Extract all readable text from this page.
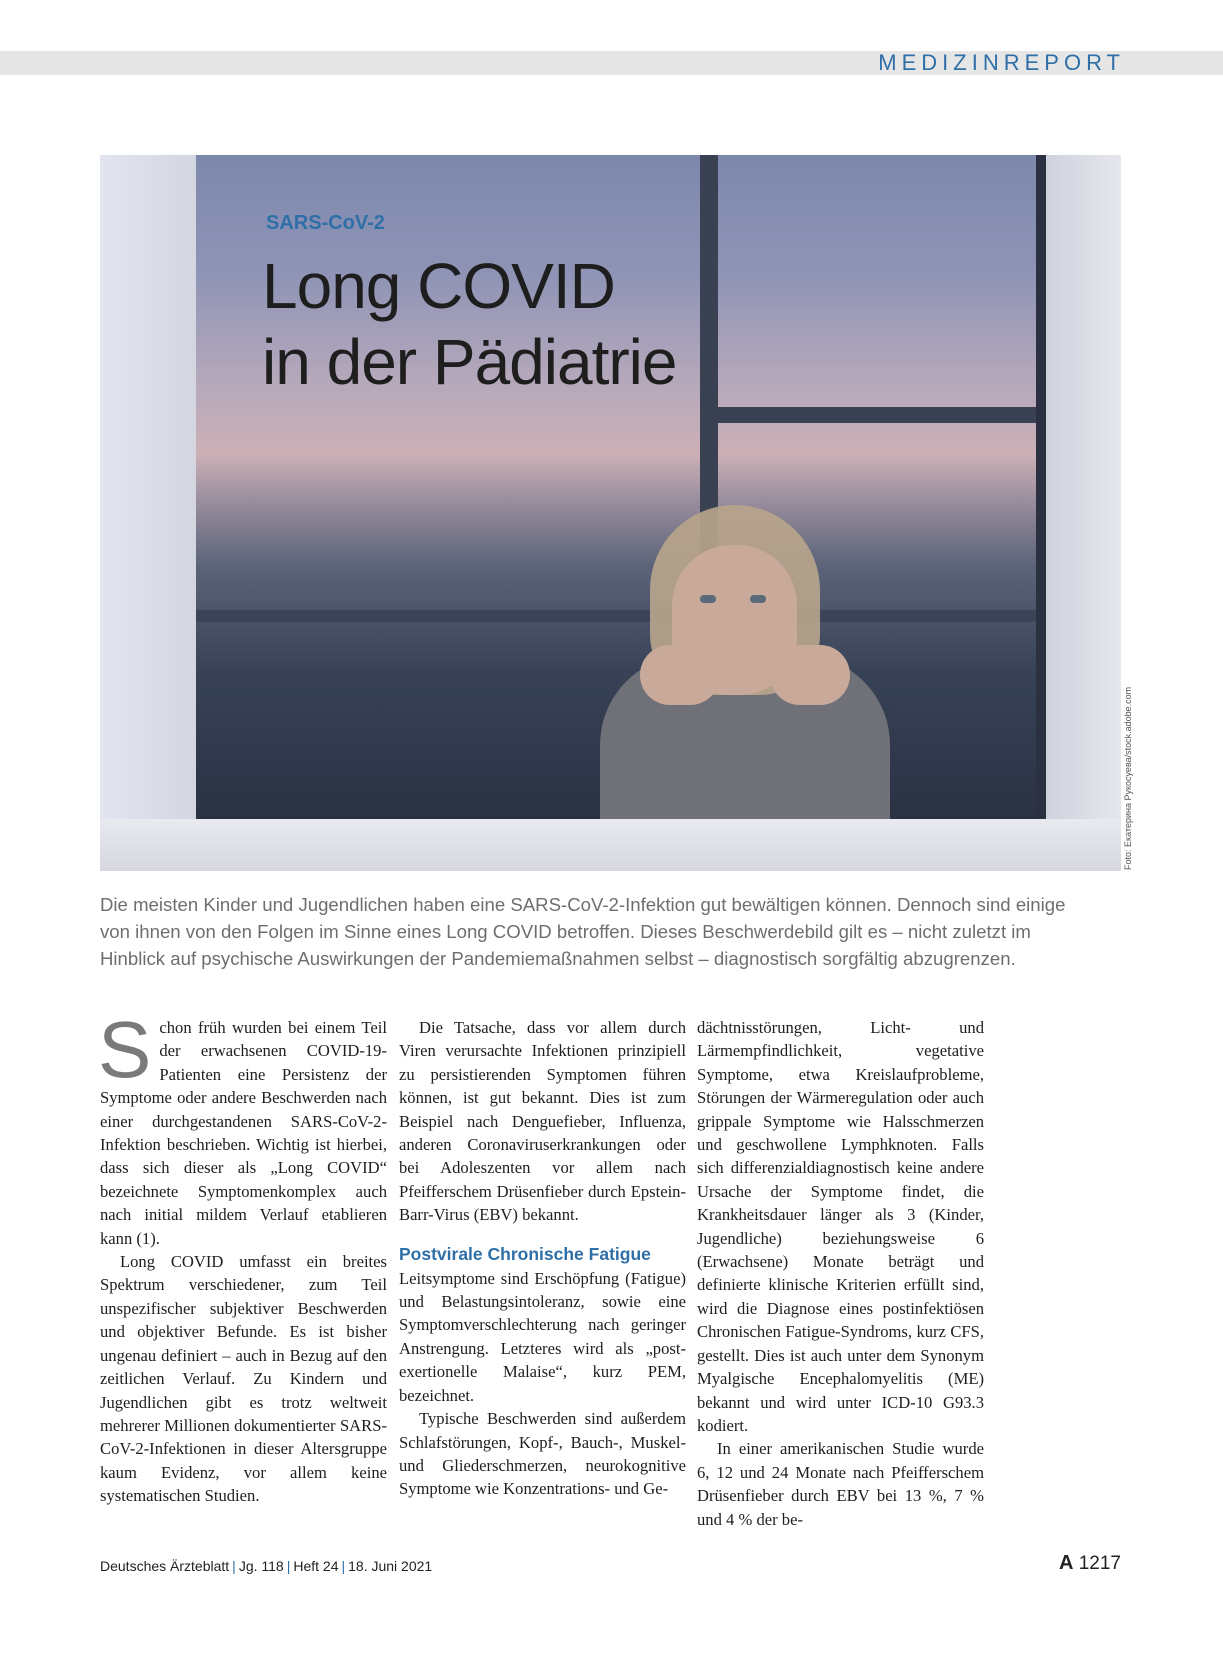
MEDIZINREPORT
SARS-CoV-2
Long COVID
in der Pädiatrie
Foto: Екатерина Рукосуева/stock.adobe.com
Die meisten Kinder und Jugendlichen haben eine SARS-CoV-2-Infektion gut bewältigen können. Dennoch sind einige von ihnen von den Folgen im Sinne eines Long COVID betroffen. Dieses Beschwerdebild gilt es – nicht zuletzt im Hinblick auf psychische Auswirkungen der Pandemiemaßnahmen selbst – diagnostisch sorgfältig abzugrenzen.

Schon früh wurden bei einem Teil der erwachsenen COVID-19-Patienten eine Persistenz der Symptome oder andere Beschwerden nach einer durchgestandenen SARS-CoV-2-Infektion beschrieben. Wichtig ist hierbei, dass sich dieser als „Long COVID“ bezeichnete Symptomenkomplex auch nach initial mildem Verlauf etablieren kann (1).

Long COVID umfasst ein breites Spektrum verschiedener, zum Teil unspezifischer subjektiver Beschwerden und objektiver Befunde. Es ist bisher ungenau definiert – auch in Bezug auf den zeitlichen Verlauf. Zu Kindern und Jugendlichen gibt es trotz weltweit mehrerer Millionen dokumentierter SARS-CoV-2-Infektionen in dieser Altersgruppe kaum Evidenz, vor allem keine systematischen Studien.

Die Tatsache, dass vor allem durch Viren verursachte Infektionen prinzipiell zu persistierenden Symptomen führen können, ist gut bekannt. Dies ist zum Beispiel nach Denguefieber, Influenza, anderen Coronaviruserkrankungen oder bei Adoleszenten vor allem nach Pfeifferschem Drüsenfieber durch Epstein-Barr-Virus (EBV) bekannt.

Postvirale Chronische Fatigue

Leitsymptome sind Erschöpfung (Fatigue) und Belastungsintoleranz, sowie eine Symptomverschlechterung nach geringer Anstrengung. Letzteres wird als „post-exertionelle Malaise“, kurz PEM, bezeichnet.

Typische Beschwerden sind außerdem Schlafstörungen, Kopf-, Bauch-, Muskel- und Gliederschmerzen, neurokognitive Symptome wie Konzentrations- und Ge-

dächtnisstörungen, Licht- und Lärmempfindlichkeit, vegetative Symptome, etwa Kreislaufprobleme, Störungen der Wärmeregulation oder auch grippale Symptome wie Halsschmerzen und geschwollene Lymphknoten. Falls sich differenzialdiagnostisch keine andere Ursache der Symptome findet, die Krankheitsdauer länger als 3 (Kinder, Jugendliche) beziehungsweise 6 (Erwachsene) Monate beträgt und definierte klinische Kriterien erfüllt sind, wird die Diagnose eines postinfektiösen Chronischen Fatigue-Syndroms, kurz CFS, gestellt. Dies ist auch unter dem Synonym Myalgische Encephalomyelitis (ME) bekannt und wird unter ICD-10 G93.3 kodiert.

In einer amerikanischen Studie wurde 6, 12 und 24 Monate nach Pfeifferschem Drüsenfieber durch EBV bei 13 %, 7 % und 4 % der be-

Deutsches Ärzteblatt | Jg. 118 | Heft 24 | 18. Juni 2021	A 1217
